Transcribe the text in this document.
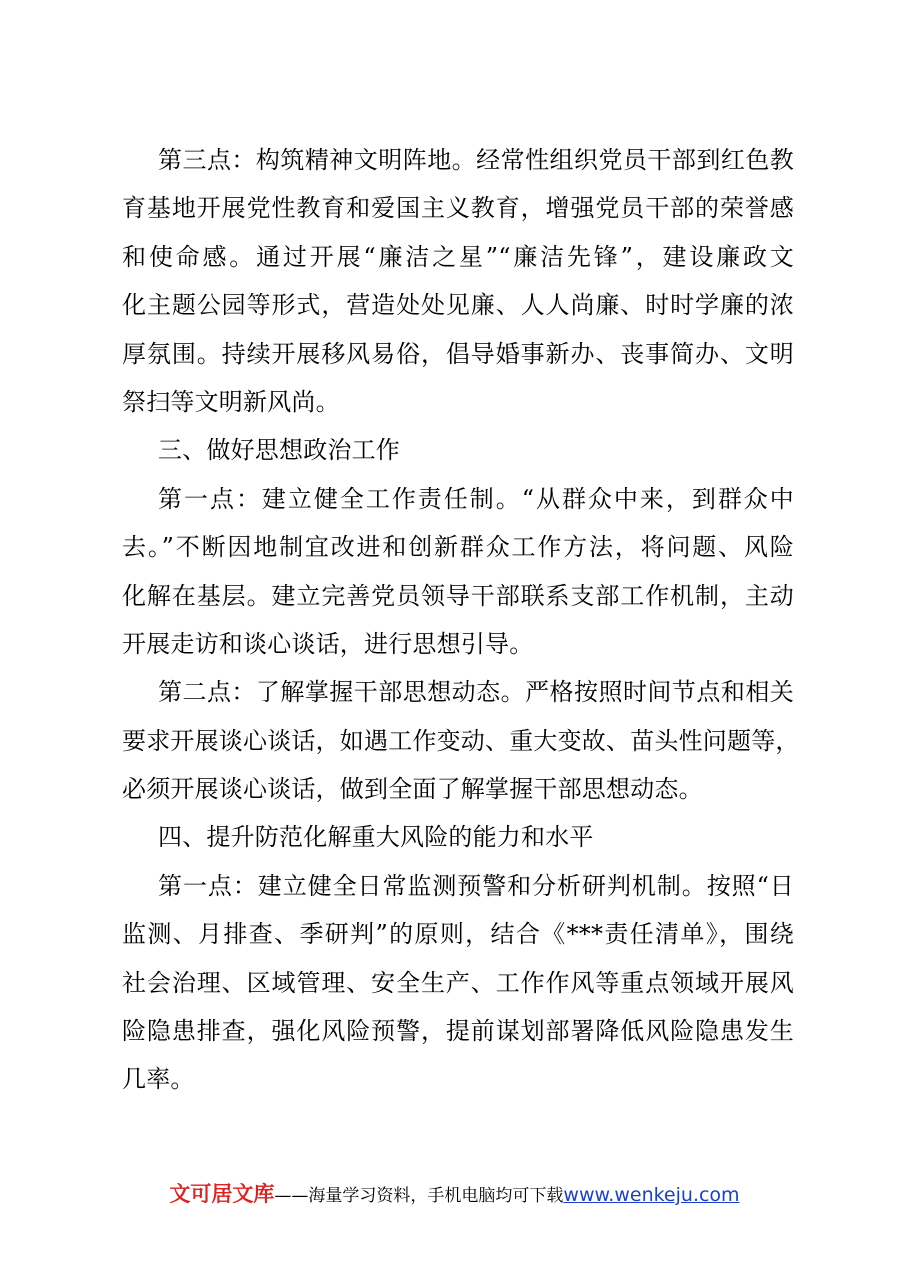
第三点：构筑精神文明阵地。经常性组织党员干部到红色教
育基地开展党性教育和爱国主义教育，增强党员干部的荣誉感
和使命感。通过开展“廉洁之星”“廉洁先锋”，建设廉政文
化主题公园等形式，营造处处见廉、人人尚廉、时时学廉的浓
厚氛围。持续开展移风易俗，倡导婚事新办、丧事简办、文明
祭扫等文明新风尚。
三、做好思想政治工作
第一点：建立健全工作责任制。“从群众中来，到群众中
去。”不断因地制宜改进和创新群众工作方法，将问题、风险
化解在基层。建立完善党员领导干部联系支部工作机制，主动
开展走访和谈心谈话，进行思想引导。
第二点：了解掌握干部思想动态。严格按照时间节点和相关
要求开展谈心谈话，如遇工作变动、重大变故、苗头性问题等，
必须开展谈心谈话，做到全面了解掌握干部思想动态。
四、提升防范化解重大风险的能力和水平
第一点：建立健全日常监测预警和分析研判机制。按照“日
监测、月排查、季研判”的原则，结合《***责任清单》，围绕
社会治理、区域管理、安全生产、工作作风等重点领域开展风
险隐患排查，强化风险预警，提前谋划部署降低风险隐患发生
几率。
文可居文库——海量学习资料，手机电脑均可下载www.wenkeju.com
